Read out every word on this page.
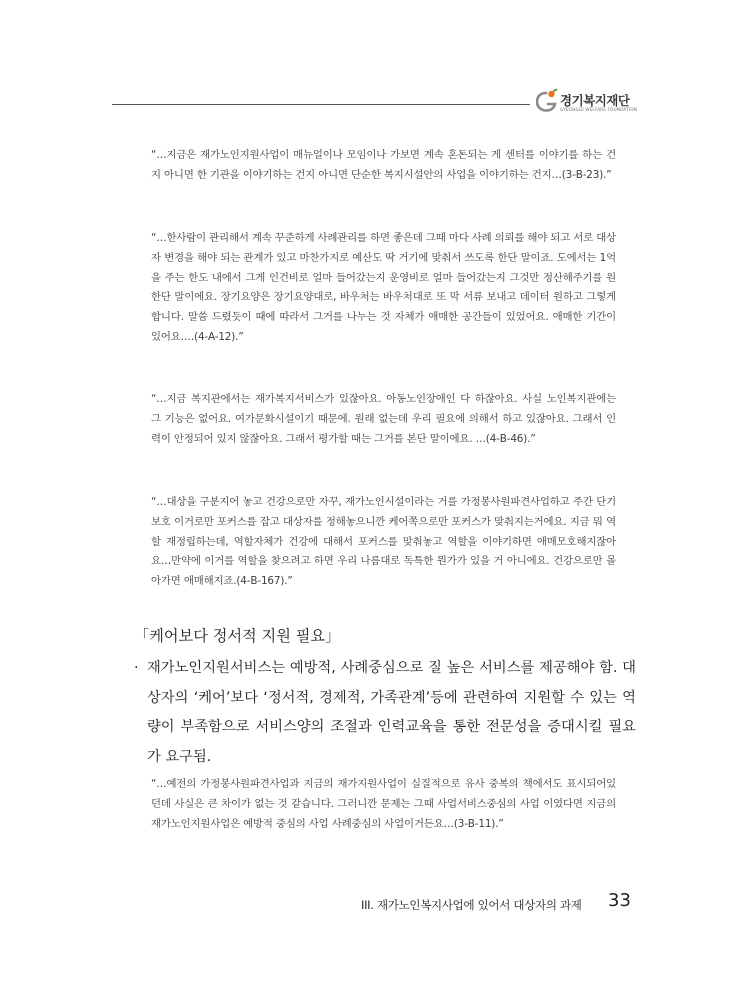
경기복지재단
GYEONGGI WELFARE FOUNDATION

“…지금은 재가노인지원사업이 매뉴얼이나 모임이나 가보면 계속 혼돈되는 게 센터를 이야기를 하는 건지 아니면 한 기관을 이야기하는 건지 아니면 단순한 복지시설안의 사업을 이야기하는 건지…(3-B-23).”

“…한사람이 관리해서 계속 꾸준하게 사례관리를 하면 좋은데 그때 마다 사례 의뢰를 해야 되고 서로 대상자 변경을 해야 되는 관계가 있고 마찬가지로 예산도 딱 거기에 맞춰서 쓰도록 한단 말이죠. 도에서는 1억을 주는 한도 내에서 그게 인건비로 얼마 들어갔는지 운영비로 얼마 들어갔는지 그것만 정산해주기를 원한단 말이에요. 장기요양은 장기요양대로, 바우처는 바우처대로 또 막 서류 보내고 데이터 원하고 그렇게 합니다. 말씀 드렸듯이 때에 따라서 그거를 나누는 것 자체가 애매한 공간들이 있었어요. 애매한 기간이 있어요.…(4-A-12).”

“…지금 복지관에서는 재가복지서비스가 있잖아요. 아동노인장애인 다 하잖아요. 사실 노인복지관에는 그 기능은 없어요. 여가문화시설이기 때문에. 원래 없는데 우리 필요에 의해서 하고 있잖아요. 그래서 인력이 안정되어 있지 않잖아요. 그래서 평가할 때는 그거를 본단 말이에요. …(4-B-46).”

“…대상을 구분지어 놓고 건강으로만 자꾸, 재가노인시설이라는 거를 가정봉사원파견사업하고 주간 단기보호 이거로만 포커스를 잡고 대상자를 정해놓으니깐 케어쪽으로만 포커스가 맞춰지는거에요. 지금 뭐 역할 재정립하는데, 역할자체가 건강에 대해서 포커스를 맞춰놓고 역할을 이야기하면 애매모호해지잖아요…만약에 이거를 역할을 찾으려고 하면 우리 나름대로 독특한 뭔가가 있을 거 아니에요. 건강으로만 몰아가면 애매해지죠.(4-B-167).”

「케어보다 정서적 지원 필요」
· 재가노인지원서비스는 예방적, 사례중심으로 질 높은 서비스를 제공해야 함. 대상자의 ‘케어’보다 ‘정서적, 경제적, 가족관계’등에 관련하여 지원할 수 있는 역량이 부족함으로 서비스양의 조절과 인력교육을 통한 전문성을 증대시킬 필요가 요구됨.

“…예전의 가정봉사원파견사업과 지금의 재가지원사업이 실질적으로 유사 중복의 책에서도 표시되어있던데 사실은 큰 차이가 없는 것 같습니다. 그러니깐 문제는 그때 사업서비스중심의 사업 이였다면 지금의 재가노인지원사업은 예방적 중심의 사업 사례중심의 사업이거든요…(3-B-11).”

III. 재가노인복지사업에 있어서 대상자의 과제 33
